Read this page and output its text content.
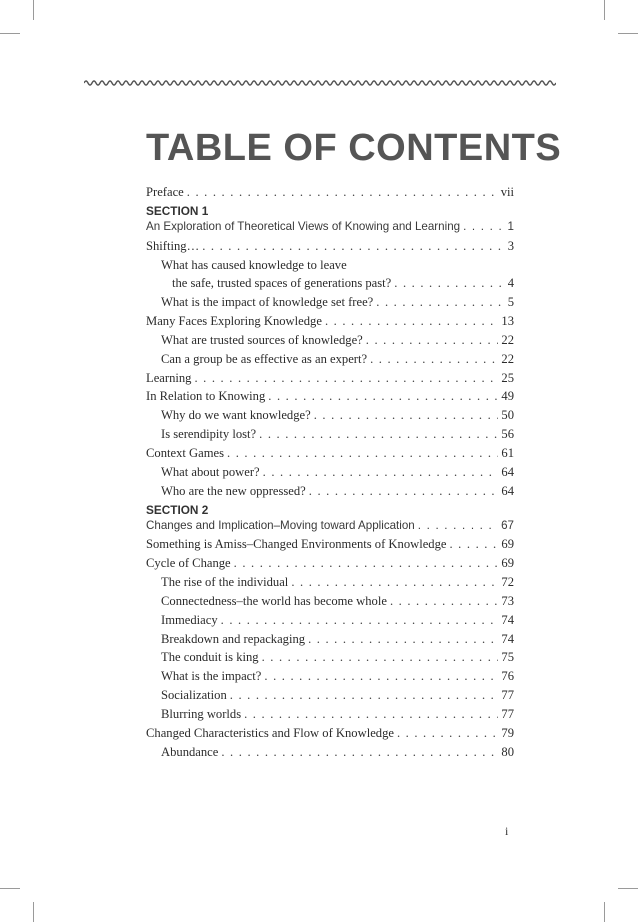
TABLE OF CONTENTS
Preface . . .	vii
SECTION 1
An Exploration of Theoretical Views of Knowing and Learning . . .	1
Shifting… . . .	3
What has caused knowledge to leave
the safe, trusted spaces of generations past? . . .	4
What is the impact of knowledge set free? . . .	5
Many Faces Exploring Knowledge . . .	13
What are trusted sources of knowledge? . . .	22
Can a group be as effective as an expert? . . .	22
Learning . . .	25
In Relation to Knowing . . .	49
Why do we want knowledge? . . .	50
Is serendipity lost? . . .	56
Context Games . . .	61
What about power? . . .	64
Who are the new oppressed? . . .	64
SECTION 2
Changes and Implication–Moving toward Application . . .	67
Something is Amiss–Changed Environments of Knowledge . . .	69
Cycle of Change . . .	69
The rise of the individual . . .	72
Connectedness–the world has become whole . . .	73
Immediacy . . .	74
Breakdown and repackaging . . .	74
The conduit is king . . .	75
What is the impact? . . .	76
Socialization . . .	77
Blurring worlds . . .	77
Changed Characteristics and Flow of Knowledge . . .	79
Abundance . . .	80
i
